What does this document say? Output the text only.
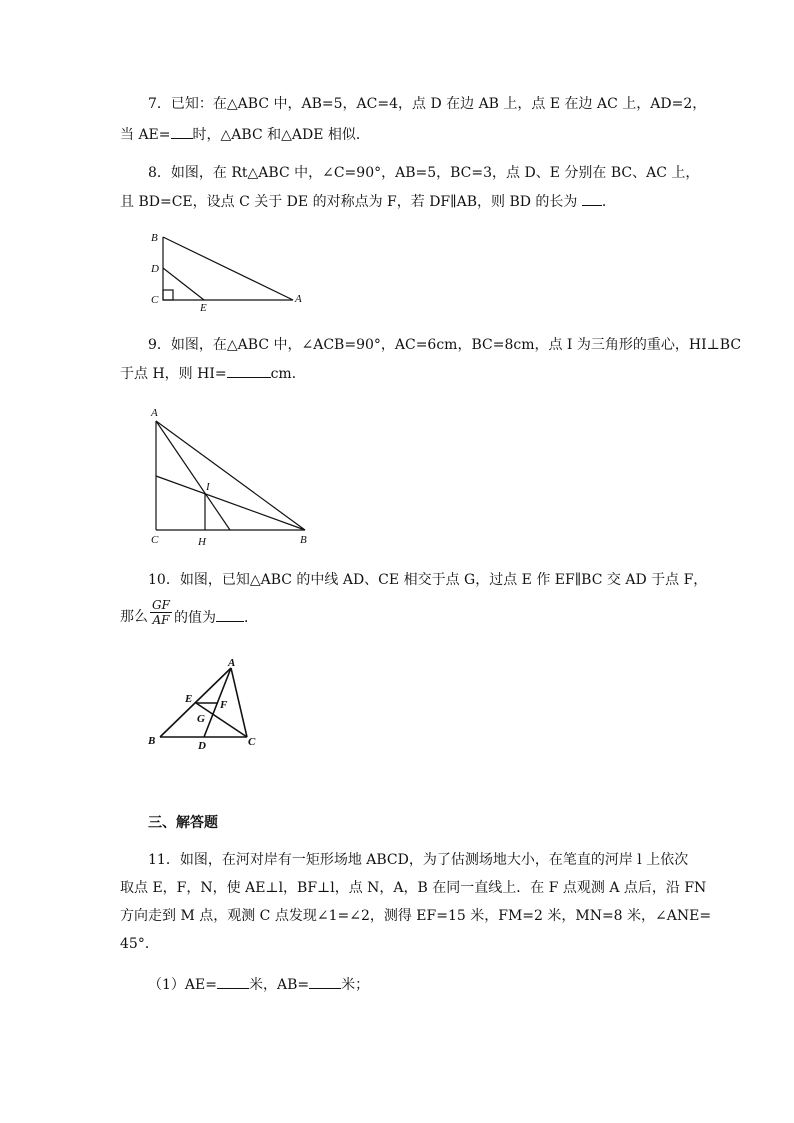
7．已知：在△ABC 中，AB=5，AC=4，点 D 在边 AB 上，点 E 在边 AC 上，AD=2，
当 AE= 时，△ABC 和△ADE 相似．
8．如图，在 Rt△ABC 中，∠C=90°，AB=5，BC=3，点 D、E 分别在 BC、AC 上，
且 BD=CE，设点 C 关于 DE 的对称点为 F，若 DF∥AB，则 BD 的长为 ．
B
D
C
E
A
A
I
C	H	B
A
E	F
G
B	D	C
9．如图，在△ABC 中，∠ACB=90°，AC=6cm，BC=8cm，点 I 为三角形的重心，HI⊥BC
于点 H，则 HI=	cm．
10．如图，已知△ABC 的中线 AD、CE 相交于点 G，过点 E 作 EF∥BC 交 AD 于点 F，
那么 $\frac{GF}{AF}$ 的值为 ．
三、解答题
11．如图，在河对岸有一矩形场地 ABCD，为了估测场地大小，在笔直的河岸 l 上依次
取点 E，F，N，使 AE⊥l，BF⊥l，点 N，A，B 在同一直线上．在 F 点观测 A 点后，沿 FN
方向走到 M 点，观测 C 点发现∠1=∠2，测得 EF=15 米，FM=2 米，MN=8 米，∠ANE=
45°．
（1）AE= 米，AB= 米；
